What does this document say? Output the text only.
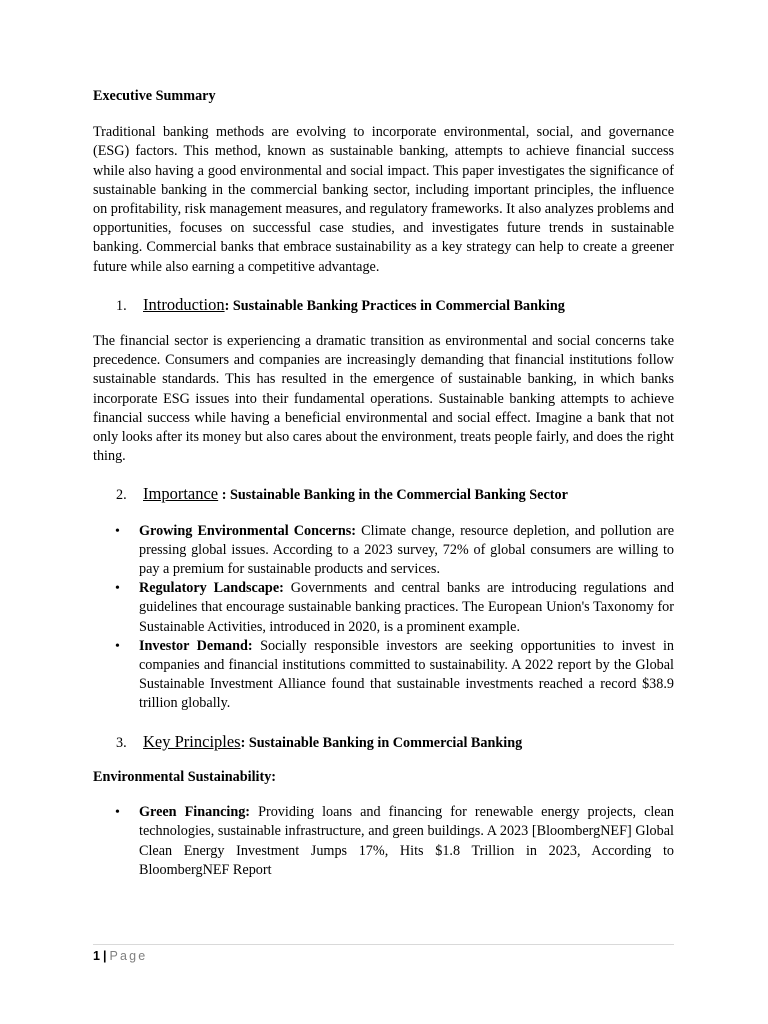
Executive Summary

Traditional banking methods are evolving to incorporate environmental, social, and governance (ESG) factors. This method, known as sustainable banking, attempts to achieve financial success while also having a good environmental and social impact. This paper investigates the significance of sustainable banking in the commercial banking sector, including important principles, the influence on profitability, risk management measures, and regulatory frameworks. It also analyzes problems and opportunities, focuses on successful case studies, and investigates future trends in sustainable banking. Commercial banks that embrace sustainability as a key strategy can help to create a greener future while also earning a competitive advantage.

1. Introduction: Sustainable Banking Practices in Commercial Banking

The financial sector is experiencing a dramatic transition as environmental and social concerns take precedence. Consumers and companies are increasingly demanding that financial institutions follow sustainable standards. This has resulted in the emergence of sustainable banking, in which banks incorporate ESG issues into their fundamental operations. Sustainable banking attempts to achieve financial success while having a beneficial environmental and social effect. Imagine a bank that not only looks after its money but also cares about the environment, treats people fairly, and does the right thing.

2. Importance : Sustainable Banking in the Commercial Banking Sector
• Growing Environmental Concerns: Climate change, resource depletion, and pollution are pressing global issues. According to a 2023 survey, 72% of global consumers are willing to pay a premium for sustainable products and services.
• Regulatory Landscape: Governments and central banks are introducing regulations and guidelines that encourage sustainable banking practices. The European Union's Taxonomy for Sustainable Activities, introduced in 2020, is a prominent example.
• Investor Demand: Socially responsible investors are seeking opportunities to invest in companies and financial institutions committed to sustainability. A 2022 report by the Global Sustainable Investment Alliance found that sustainable investments reached a record $38.9 trillion globally.
3. Key Principles: Sustainable Banking in Commercial Banking
Environmental Sustainability:
• Green Financing: Providing loans and financing for renewable energy projects, clean technologies, sustainable infrastructure, and green buildings. A 2023 [BloombergNEF] Global Clean Energy Investment Jumps 17%, Hits $1.8 Trillion in 2023, According to BloombergNEF Report
1 | Page
